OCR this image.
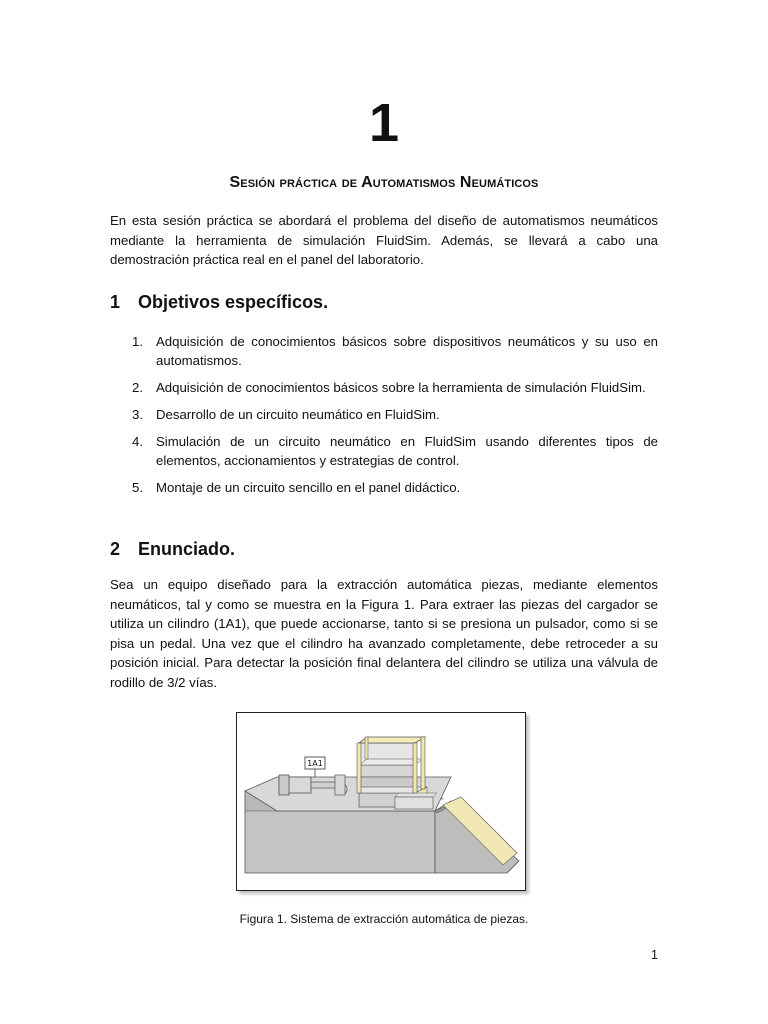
1
Sesión práctica de Automatismos Neumáticos

En esta sesión práctica se abordará el problema del diseño de automatismos neumáticos mediante la herramienta de simulación FluidSim. Además, se llevará a cabo una demostración práctica real en el panel del laboratorio.

1 Objetivos específicos.
1. Adquisición de conocimientos básicos sobre dispositivos neumáticos y su uso en automatismos.
2. Adquisición de conocimientos básicos sobre la herramienta de simulación FluidSim.
3. Desarrollo de un circuito neumático en FluidSim.
4. Simulación de un circuito neumático en FluidSim usando diferentes tipos de elementos, accionamientos y estrategias de control.
5. Montaje de un circuito sencillo en el panel didáctico.
2 Enunciado.

Sea un equipo diseñado para la extracción automática piezas, mediante elementos neumáticos, tal y como se muestra en la Figura 1. Para extraer las piezas del cargador se utiliza un cilindro (1A1), que puede accionarse, tanto si se presiona un pulsador, como si se pisa un pedal. Una vez que el cilindro ha avanzado completamente, debe retroceder a su posición inicial. Para detectar la posición final delantera del cilindro se utiliza una válvula de rodillo de 3/2 vías.

1A1
Figura 1. Sistema de extracción automática de piezas.
1
